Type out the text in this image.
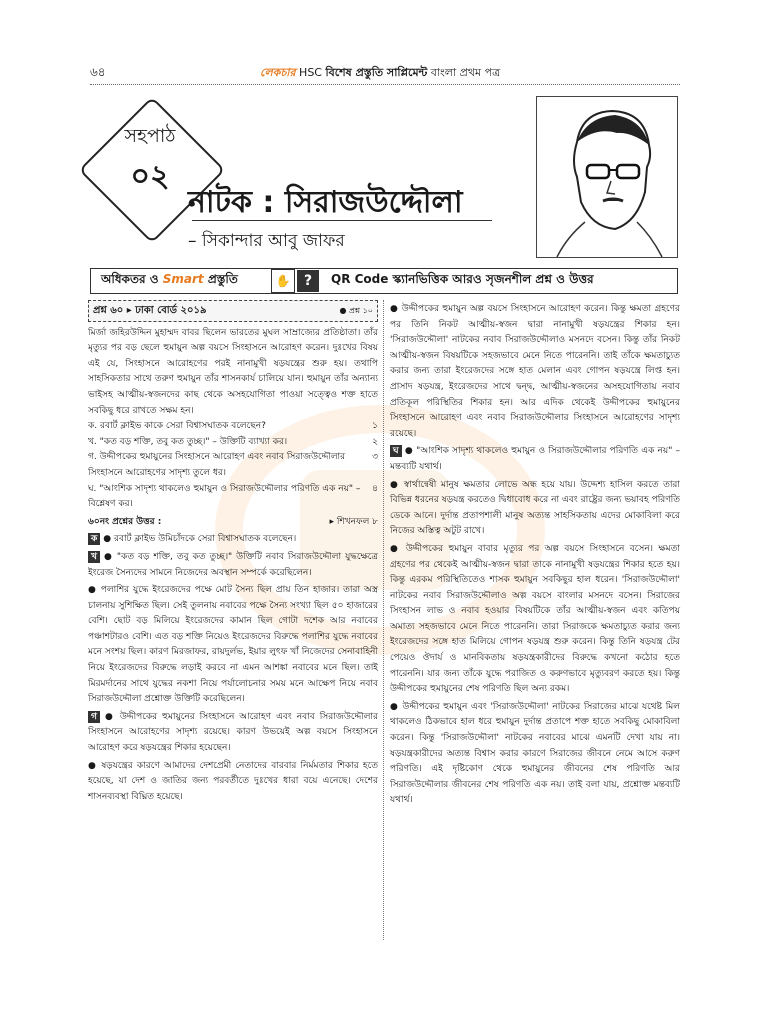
৬৪	লেকচার HSC বিশেষ প্রস্তুতি সাপ্লিমেন্ট বাংলা প্রথম পত্র
সহপাঠ
০২
নাটক : সিরাজউদ্দৌলা
– সিকান্দার আবু জাফর
অধিকতর ও Smart প্রস্তুতি	✋ ?	QR Code স্ক্যানভিত্তিক আরও সৃজনশীল প্রশ্ন ও উত্তর
প্রশ্ন ৬০ ▸ ঢাকা বোর্ড ২০১৯	● প্রশ্ন ১০

মির্জা জহিরউদ্দিন মুহাম্মদ বাবর ছিলেন ভারতের মুঘল সাম্রাজ্যের প্রতিষ্ঠাতা। তাঁর মৃত্যুর পর বড় ছেলে হুমায়ুন অল্প বয়সে সিংহাসনে আরোহণ করেন। দুঃখের বিষয় এই যে, সিংহাসনে আরোহণের পরই নানামুখী ষড়যন্ত্রের শুরু হয়। তথাপি সাহসিকতার সাথে তরুণ হুমায়ুন তাঁর শাসনকার্য চালিয়ে যান। হুমায়ুন তাঁর অন্যান্য ভাইসহ আত্মীয়-স্বজনদের কাছ থেকে অসহযোগিতা পাওয়া সত্ত্বেও শক্ত হাতে সবকিছু ধরে রাখতে সক্ষম হন।

ক. রবার্ট ক্লাইভ কাকে সেরা বিশ্বাসঘাতক বলেছেন?	১
খ. "কত বড় শক্তি, তবু কত তুচ্ছ।" – উক্তিটি ব্যাখ্যা কর।	২
গ. উদ্দীপকের হুমায়ুনের সিংহাসনে আরোহণ এবং নবাব সিরাজউদ্দৌলার সিংহাসনে আরোহণের সাদৃশ্য তুলে ধর।
৩
ঘ. "আংশিক সাদৃশ্য থাকলেও হুমায়ুন ও সিরাজউদ্দৌলার পরিণতি এক নয়" – বিশ্লেষণ কর।
৪
৬০নং প্রশ্নের উত্তর :	▸ শিখনফল ৮

ক ● রবার্ট ক্লাইভ উমিচাঁদকে সেরা বিশ্বাসঘাতক বলেছেন।

খ ● "কত বড় শক্তি, তবু কত তুচ্ছ।" উক্তিটি নবাব সিরাজউদ্দৌলা যুদ্ধক্ষেত্রে ইংরেজ সৈন্যদের সামনে নিজেদের অবস্থান সম্পর্কে করেছিলেন।

● পলাশির যুদ্ধে ইংরেজদের পক্ষে মোট সৈন্য ছিল প্রায় তিন হাজার। তারা অস্ত্র চালনায় সুশিক্ষিত ছিল। সেই তুলনায় নবাবের পক্ষে সৈন্য সংখ্যা ছিল ৫০ হাজারের বেশি। ছোট বড় মিলিয়ে ইংরেজদের কামান ছিল গোটা দশেক আর নবাবের পঞ্চাশটারও বেশি। এত বড় শক্তি নিয়েও ইংরেজদের বিরুদ্ধে পলাশির যুদ্ধে নবাবের মনে সংশয় ছিল। কারণ মিরজাফর, রায়দুর্লভ, ইয়ার লুৎফ খাঁ নিজেদের সেনাবাহিনী নিয়ে ইংরেজদের বিরুদ্ধে লড়াই করবে না এমন আশঙ্কা নবাবের মনে ছিল। তাই মিরমর্দানের সাথে যুদ্ধের নকশা নিয়ে পর্যালোচনার সময় মনে আক্ষেপ নিয়ে নবাব সিরাজউদ্দৌলা প্রশ্নোক্ত উক্তিটি করেছিলেন।

গ ● উদ্দীপকের হুমায়ুনের সিংহাসনে আরোহণ এবং নবাব সিরাজউদ্দৌলার সিংহাসনে আরোহণের সাদৃশ্য রয়েছে। কারণ উভয়েই অল্প বয়সে সিংহাসনে আরোহণ করে ষড়যন্ত্রের শিকার হয়েছেন।

● ষড়যন্ত্রের কারণে আমাদের দেশপ্রেমী নেতাদের বারবার নির্মমতার শিকার হতে হয়েছে, যা দেশ ও জাতির জন্য পরবর্তীতে দুঃখের ধারা বয়ে এনেছে। দেশের শাসনব্যবস্থা বিঘ্নিত হয়েছে।

● উদ্দীপকের হুমায়ুন অল্প বয়সে সিংহাসনে আরোহণ করেন। কিন্তু ক্ষমতা গ্রহণের পর তিনি নিকট আত্মীয়-স্বজন দ্বারা নানামুখী ষড়যন্ত্রের শিকার হন। 'সিরাজউদ্দৌলা' নাটকের নবাব সিরাজউদ্দৌলাও মসনদে বসেন। কিন্তু তাঁর নিকট আত্মীয়-স্বজন বিষয়টিকে সহজভাবে মেনে নিতে পারেননি। তাই তাঁকে ক্ষমতাচ্যুত করার জন্য তারা ইংরেজদের সঙ্গে হাত মেলান এবং গোপন ষড়যন্ত্রে লিপ্ত হন। প্রাসাদ ষড়যন্ত্র, ইংরেজদের সাথে দ্বন্দ্ব, আত্মীয়-স্বজনের অসহযোগিতায় নবাব প্রতিকূল পরিস্থিতির শিকার হন। আর এদিক থেকেই উদ্দীপকের হুমায়ুনের সিংহাসনে আরোহণ এবং নবাব সিরাজউদ্দৌলার সিংহাসনে আরোহণের সাদৃশ্য রয়েছে।

ঘ ● "আংশিক সাদৃশ্য থাকলেও হুমায়ুন ও সিরাজউদ্দৌলার পরিণতি এক নয়" – মন্তব্যটি যথার্থ।

● স্বার্থান্বেষী মানুষ ক্ষমতার লোভে অন্ধ হয়ে যায়। উদ্দেশ্য হাসিল করতে তারা বিভিন্ন ধরনের ষড়যন্ত্র করতেও দ্বিধাবোধ করে না এবং রাষ্ট্রের জন্য ভয়াবহ পরিণতি ডেকে আনে। দুর্দান্ত প্রতাপশালী মানুষ অত্যন্ত সাহসিকতায় এদের মোকাবিলা করে নিজের অস্তিত্ব অটুট রাখে।

● উদ্দীপকের হুমায়ুন বাবার মৃত্যুর পর অল্প বয়সে সিংহাসনে বসেন। ক্ষমতা গ্রহণের পর থেকেই আত্মীয়-স্বজন দ্বারা তাকে নানামুখী ষড়যন্ত্রের শিকার হতে হয়। কিন্তু এরকম পরিস্থিতিতেও শাসক হুমায়ুন সবকিছুর হাল ধরেন। 'সিরাজউদ্দৌলা' নাটকের নবাব সিরাজউদ্দৌলাও অল্প বয়সে বাংলার মসনদে বসেন। সিরাজের সিংহাসন লাভ ও নবাব হওয়ার বিষয়টিকে তাঁর আত্মীয়-স্বজন এবং কতিপয় অমাত্য সহজভাবে মেনে নিতে পারেননি। তারা সিরাজকে ক্ষমতাচ্যুত করার জন্য ইংরেজদের সঙ্গে হাত মিলিয়ে গোপন ষড়যন্ত্র শুরু করেন। কিন্তু তিনি ষড়যন্ত্র টের পেয়েও ঔদার্য ও মানবিকতায় ষড়যন্ত্রকারীদের বিরুদ্ধে কখনো কঠোর হতে পারেননি। যার জন্য তাঁকে যুদ্ধে পরাজিত ও করুণভাবে মৃত্যুবরণ করতে হয়। কিন্তু উদ্দীপকের হুমায়ুনের শেষ পরিণতি ছিল অন্য রকম।

● উদ্দীপকের হুমায়ুন এবং 'সিরাজউদ্দৌলা' নাটকের সিরাজের মাঝে যথেষ্ট মিল থাকলেও ঠিকভাবে হাল ধরে হুমায়ুন দুর্দান্ত প্রতাপে শক্ত হাতে সবকিছু মোকাবিলা করেন। কিন্তু 'সিরাজউদ্দৌলা' নাটকের নবাবের মাঝে এমনটি দেখা যায় না। ষড়যন্ত্রকারীদের অত্যন্ত বিশ্বাস করার কারণে সিরাজের জীবনে নেমে আসে করুণ পরিণতি। এই দৃষ্টিকোণ থেকে হুমায়ুনের জীবনের শেষ পরিণতি আর সিরাজউদ্দৌলার জীবনের শেষ পরিণতি এক নয়। তাই বলা যায়, প্রশ্নোক্ত মন্তব্যটি যথার্থ।
